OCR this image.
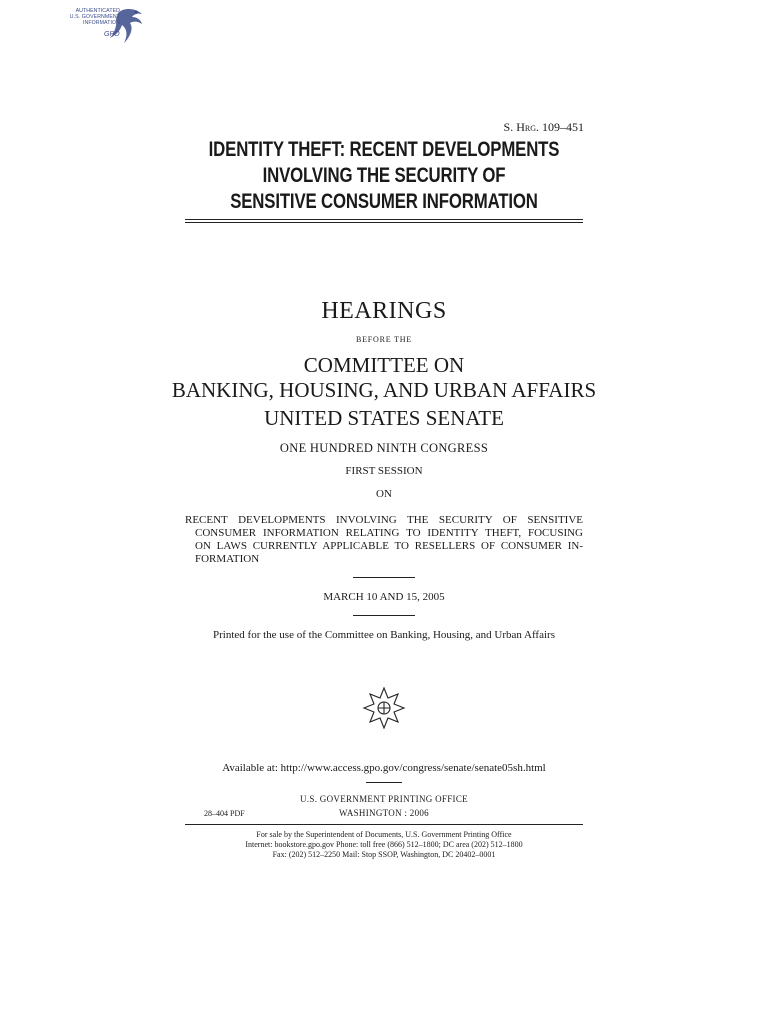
AUTHENTICATED
U.S. GOVERNMENT
INFORMATION
GPO
S. Hrg. 109–451
IDENTITY THEFT: RECENT DEVELOPMENTS
INVOLVING THE SECURITY OF
SENSITIVE CONSUMER INFORMATION
HEARINGS
BEFORE THE
COMMITTEE ON
BANKING, HOUSING, AND URBAN AFFAIRS
UNITED STATES SENATE
ONE HUNDRED NINTH CONGRESS
FIRST SESSION
ON

RECENT DEVELOPMENTS INVOLVING THE SECURITY OF SENSITIVE

CONSUMER INFORMATION RELATING TO IDENTITY THEFT, FOCUSING

ON LAWS CURRENTLY APPLICABLE TO RESELLERS OF CONSUMER IN-

FORMATION

MARCH 10 AND 15, 2005
Printed for the use of the Committee on Banking, Housing, and Urban Affairs
Available at: http://www.access.gpo.gov/congress/senate/senate05sh.html
U.S. GOVERNMENT PRINTING OFFICE
28–404 PDF	WASHINGTON : 2006
For sale by the Superintendent of Documents, U.S. Government Printing Office
Internet: bookstore.gpo.gov Phone: toll free (866) 512–1800; DC area (202) 512–1800
Fax: (202) 512–2250 Mail: Stop SSOP, Washington, DC 20402–0001
